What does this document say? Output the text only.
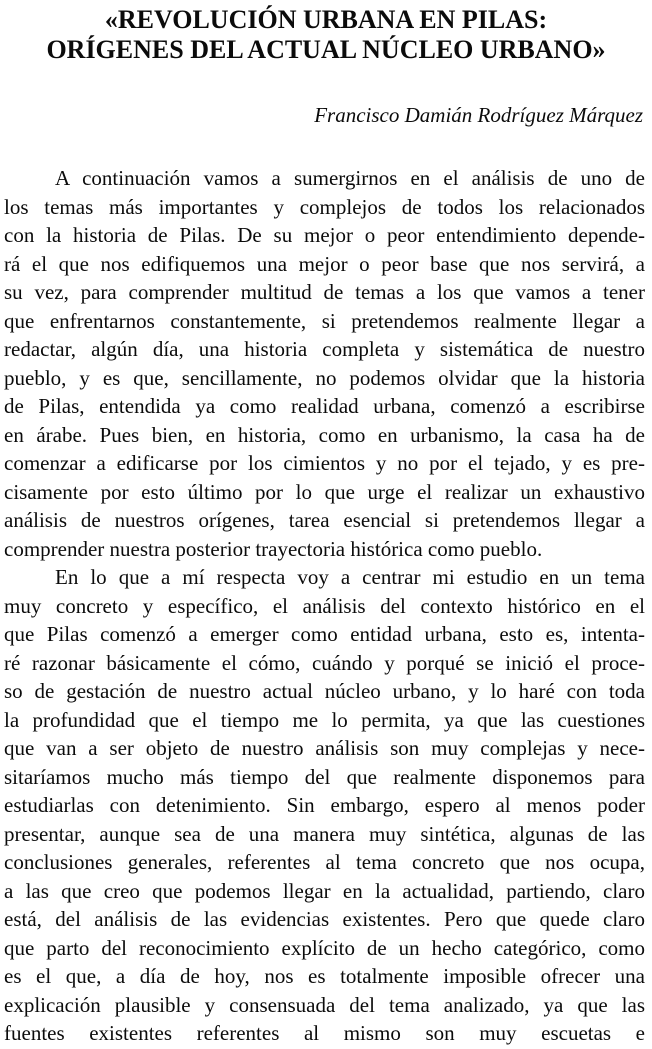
«REVOLUCIÓN URBANA EN PILAS:
ORÍGENES DEL ACTUAL NÚCLEO URBANO»
Francisco Damián Rodríguez Márquez
A continuación vamos a sumergirnos en el análisis de uno de
los temas más importantes y complejos de todos los relacionados
con la historia de Pilas. De su mejor o peor entendimiento depende-
rá el que nos edifiquemos una mejor o peor base que nos servirá, a
su vez, para comprender multitud de temas a los que vamos a tener
que enfrentarnos constantemente, si pretendemos realmente llegar a
redactar, algún día, una historia completa y sistemática de nuestro
pueblo, y es que, sencillamente, no podemos olvidar que la historia
de Pilas, entendida ya como realidad urbana, comenzó a escribirse
en árabe. Pues bien, en historia, como en urbanismo, la casa ha de
comenzar a edificarse por los cimientos y no por el tejado, y es pre-
cisamente por esto último por lo que urge el realizar un exhaustivo
análisis de nuestros orígenes, tarea esencial si pretendemos llegar a
comprender nuestra posterior trayectoria histórica como pueblo.
En lo que a mí respecta voy a centrar mi estudio en un tema
muy concreto y específico, el análisis del contexto histórico en el
que Pilas comenzó a emerger como entidad urbana, esto es, intenta-
ré razonar básicamente el cómo, cuándo y porqué se inició el proce-
so de gestación de nuestro actual núcleo urbano, y lo haré con toda
la profundidad que el tiempo me lo permita, ya que las cuestiones
que van a ser objeto de nuestro análisis son muy complejas y nece-
sitaríamos mucho más tiempo del que realmente disponemos para
estudiarlas con detenimiento. Sin embargo, espero al menos poder
presentar, aunque sea de una manera muy sintética, algunas de las
conclusiones generales, referentes al tema concreto que nos ocupa,
a las que creo que podemos llegar en la actualidad, partiendo, claro
está, del análisis de las evidencias existentes. Pero que quede claro
que parto del reconocimiento explícito de un hecho categórico, como
es el que, a día de hoy, nos es totalmente imposible ofrecer una
explicación plausible y consensuada del tema analizado, ya que las
fuentes existentes referentes al mismo son muy escuetas e
